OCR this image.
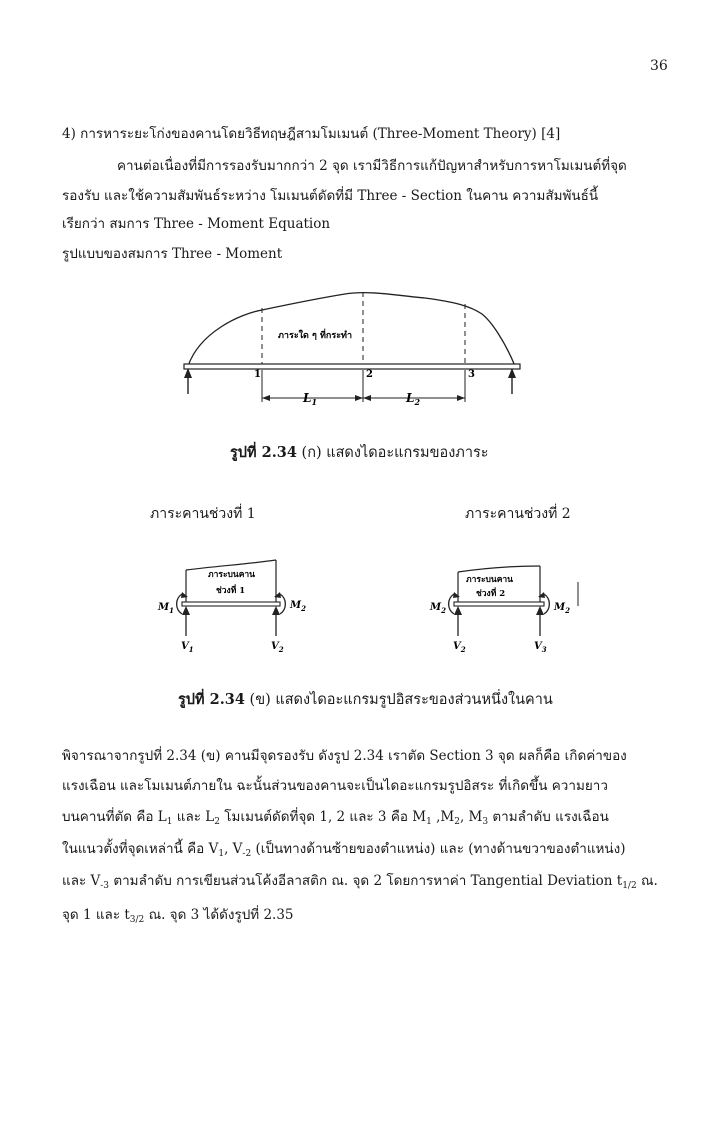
36
4) การหาระยะโก่งของคานโดยวิธีทฤษฎีสามโมเมนต์ (Three-Moment Theory) [4]
คานต่อเนื่องที่มีการรองรับมากกว่า 2 จุด เรามีวิธีการแก้ปัญหาสำหรับการหาโมเมนต์ที่จุด
รองรับ และใช้ความสัมพันธ์ระหว่าง โมเมนต์ดัดที่มี Three - Section ในคาน ความสัมพันธ์นี้
เรียกว่า สมการ Three - Moment Equation
รูปแบบของสมการ Three - Moment
ภาระใด ๆ ที่กระทำ
1	2	3
$L_1$	$L_2$
รูปที่ 2.34 (ก) แสดงไดอะแกรมของภาระ
ภาระคานช่วงที่ 1	ภาระคานช่วงที่ 2
ภาระบนคาน
ช่วงที่ 1
$M_1$	$M_2$
$V_1$	$V_2$
ภาระบนคาน
ช่วงที่ 2
$M_2$	$M_2$
$V_2$	$V_3$
รูปที่ 2.34 (ข) แสดงไดอะแกรมรูปอิสระของส่วนหนึ่งในคาน
พิจารณาจากรูปที่ 2.34 (ข) คานมีจุดรองรับ ดังรูป 2.34 เราตัด Section 3 จุด ผลก็คือ เกิดค่าของ
แรงเฉือน และโมเมนต์ภายใน ฉะนั้นส่วนของคานจะเป็นไดอะแกรมรูปอิสระ ที่เกิดขึ้น ความยาว
บนคานที่ตัด คือ $L_1$ และ $L_2$ โมเมนต์ดัดที่จุด 1, 2 และ 3 คือ $M_1$ $,M_2$, $M_3$ ตามลำดับ แรงเฉือน
ในแนวตั้งที่จุดเหล่านี้ คือ $V_1$, $V_{-2}$ (เป็นทางด้านซ้ายของตำแหน่ง) และ (ทางด้านขวาของตำแหน่ง)
และ $V_{-3}$ ตามลำดับ การเขียนส่วนโค้งอีลาสติก ณ. จุด 2 โดยการหาค่า Tangential Deviation $t_{1/2}$ ณ.
จุด 1 และ $t_{3/2}$ ณ. จุด 3 ได้ดังรูปที่ 2.35
